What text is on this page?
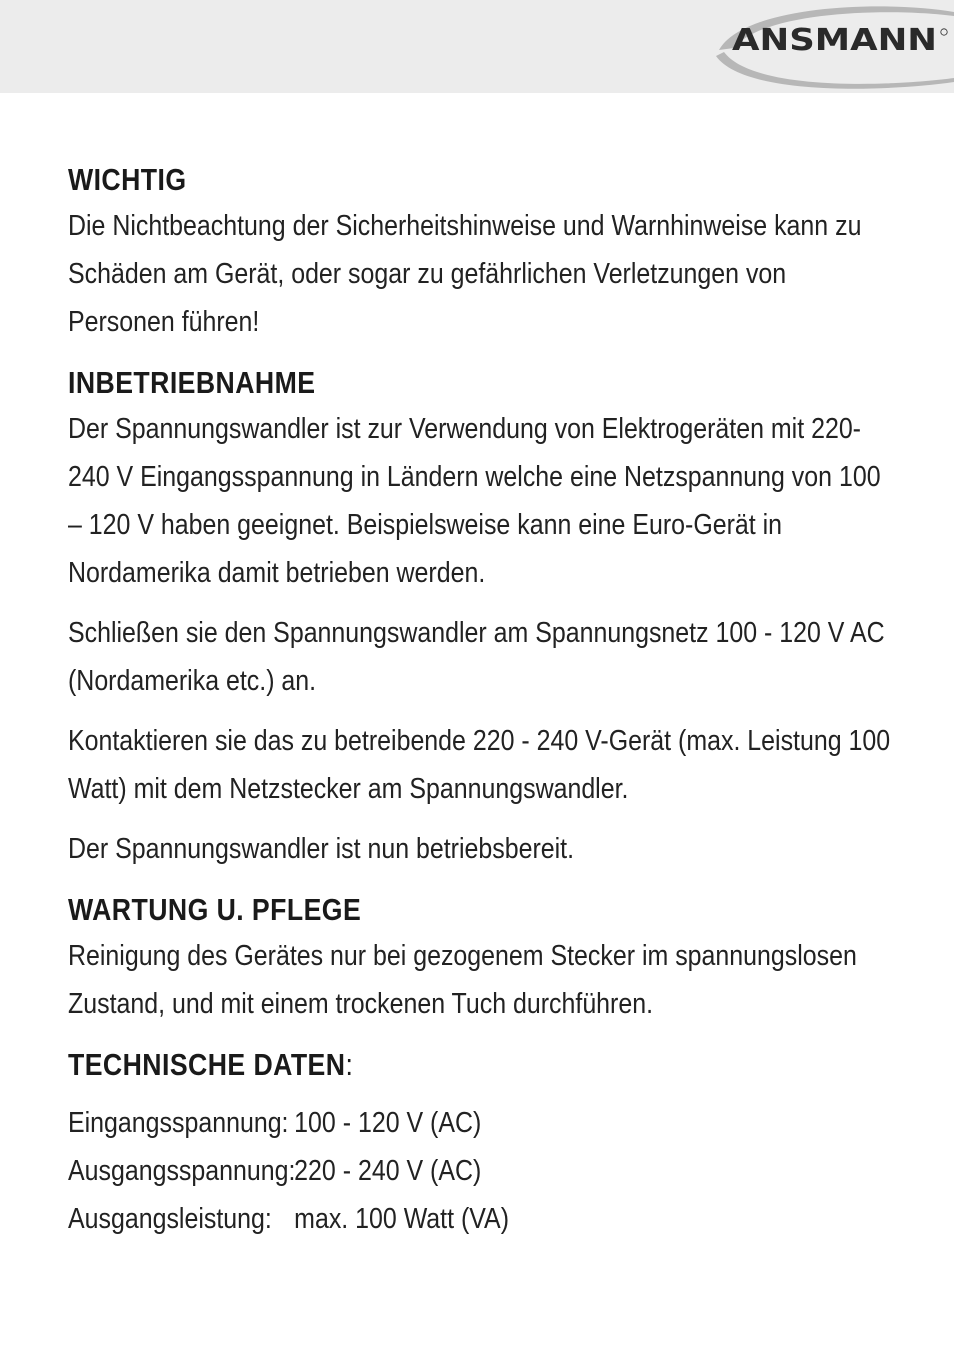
ANSMANN
WICHTIG

Die Nichtbeachtung der Sicherheitshinweise und Warnhinweise kann zu Schäden am Gerät, oder sogar zu gefährlichen Verletzungen von Personen führen!

INBETRIEBNAHME

Der Spannungswandler ist zur Verwendung von Elektrogeräten mit 220-240 V Eingangsspannung in Ländern welche eine Netzspannung von 100 – 120 V haben geeignet. Beispielsweise kann eine Euro-Gerät in Nordamerika damit betrieben werden.

Schließen sie den Spannungswandler am Spannungsnetz 100 - 120 V AC (Nordamerika etc.) an.

Kontaktieren sie das zu betreibende 220 - 240 V-Gerät (max. Leistung 100 Watt) mit dem Netzstecker am Spannungswandler.

Der Spannungswandler ist nun betriebsbereit.

WARTUNG U. PFLEGE

Reinigung des Gerätes nur bei gezogenem Stecker im spannungslosen Zustand, und mit einem trockenen Tuch durchführen.

TECHNISCHE DATEN:
Eingangsspannung: 100 - 120 V (AC)
Ausgangsspannung:220 - 240 V (AC)
Ausgangsleistung: max. 100 Watt (VA)
